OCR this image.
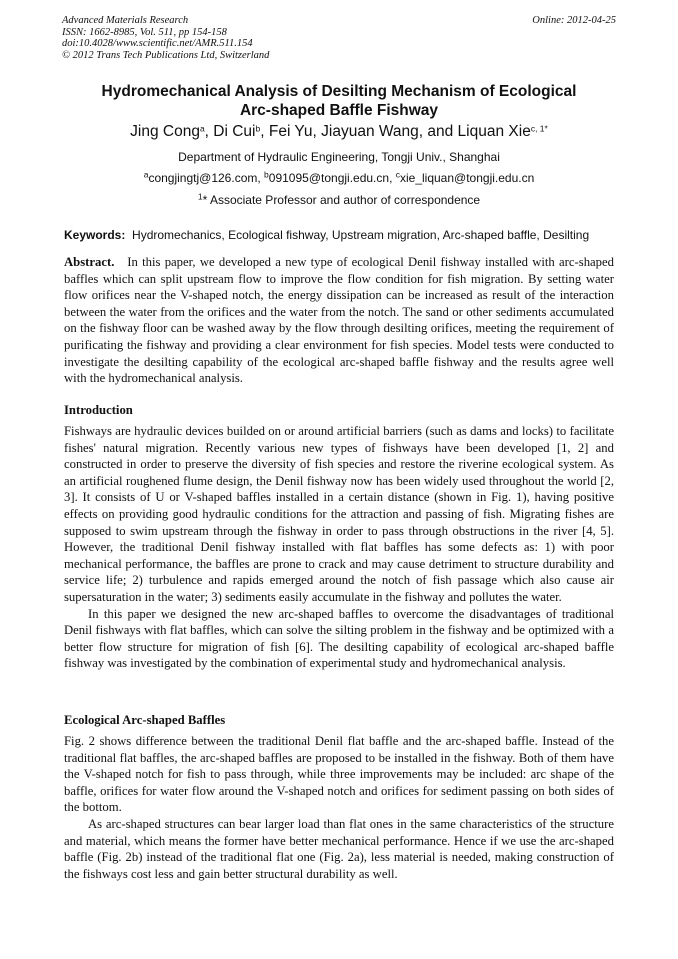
Advanced Materials Research
ISSN: 1662-8985, Vol. 511, pp 154-158
doi:10.4028/www.scientific.net/AMR.511.154
© 2012 Trans Tech Publications Ltd, Switzerland
Online: 2012-04-25
Hydromechanical Analysis of Desilting Mechanism of Ecological
Arc-shaped Baffle Fishway
Jing Cong$^a$, Di Cui$^b$, Fei Yu, Jiayuan Wang, and Liquan Xie$^{c, 1*}$
Department of Hydraulic Engineering, Tongji Univ., Shanghai
$^a$congjingtj@126.com, $^b$091095@tongji.edu.cn, $^c$xie_liquan@tongji.edu.cn
$^1$* Associate Professor and author of correspondence
Keywords: Hydromechanics, Ecological fishway, Upstream migration, Arc-shaped baffle, Desilting

Abstract. In this paper, we developed a new type of ecological Denil fishway installed with arc-shaped baffles which can split upstream flow to improve the flow condition for fish migration. By setting water flow orifices near the V-shaped notch, the energy dissipation can be increased as result of the interaction between the water from the orifices and the water from the notch. The sand or other sediments accumulated on the fishway floor can be washed away by the flow through desilting orifices, meeting the requirement of purificating the fishway and providing a clear environment for fish species. Model tests were conducted to investigate the desilting capability of the ecological arc-shaped baffle fishway and the results agree well with the hydromechanical analysis.

Introduction

Fishways are hydraulic devices builded on or around artificial barriers (such as dams and locks) to facilitate fishes' natural migration. Recently various new types of fishways have been developed [1, 2] and constructed in order to preserve the diversity of fish species and restore the riverine ecological system. As an artificial roughened flume design, the Denil fishway now has been widely used throughout the world [2, 3]. It consists of U or V-shaped baffles installed in a certain distance (shown in Fig. 1), having positive effects on providing good hydraulic conditions for the attraction and passing of fish. Migrating fishes are supposed to swim upstream through the fishway in order to pass through obstructions in the river [4, 5]. However, the traditional Denil fishway installed with flat baffles has some defects as: 1) with poor mechanical performance, the baffles are prone to crack and may cause detriment to structure durability and service life; 2) turbulence and rapids emerged around the notch of fish passage which also cause air supersaturation in the water; 3) sediments easily accumulate in the fishway and pollutes the water.

In this paper we designed the new arc-shaped baffles to overcome the disadvantages of traditional Denil fishways with flat baffles, which can solve the silting problem in the fishway and be optimized with a better flow structure for migration of fish [6]. The desilting capability of ecological arc-shaped baffle fishway was investigated by the combination of experimental study and hydromechanical analysis.

Ecological Arc-shaped Baffles

Fig. 2 shows difference between the traditional Denil flat baffle and the arc-shaped baffle. Instead of the traditional flat baffles, the arc-shaped baffles are proposed to be installed in the fishway. Both of them have the V-shaped notch for fish to pass through, while three improvements may be included: arc shape of the baffle, orifices for water flow around the V-shaped notch and orifices for sediment passing on both sides of the bottom.

As arc-shaped structures can bear larger load than flat ones in the same characteristics of the structure and material, which means the former have better mechanical performance. Hence if we use the arc-shaped baffle (Fig. 2b) instead of the traditional flat one (Fig. 2a), less material is needed, making construction of the fishways cost less and gain better structural durability as well.
